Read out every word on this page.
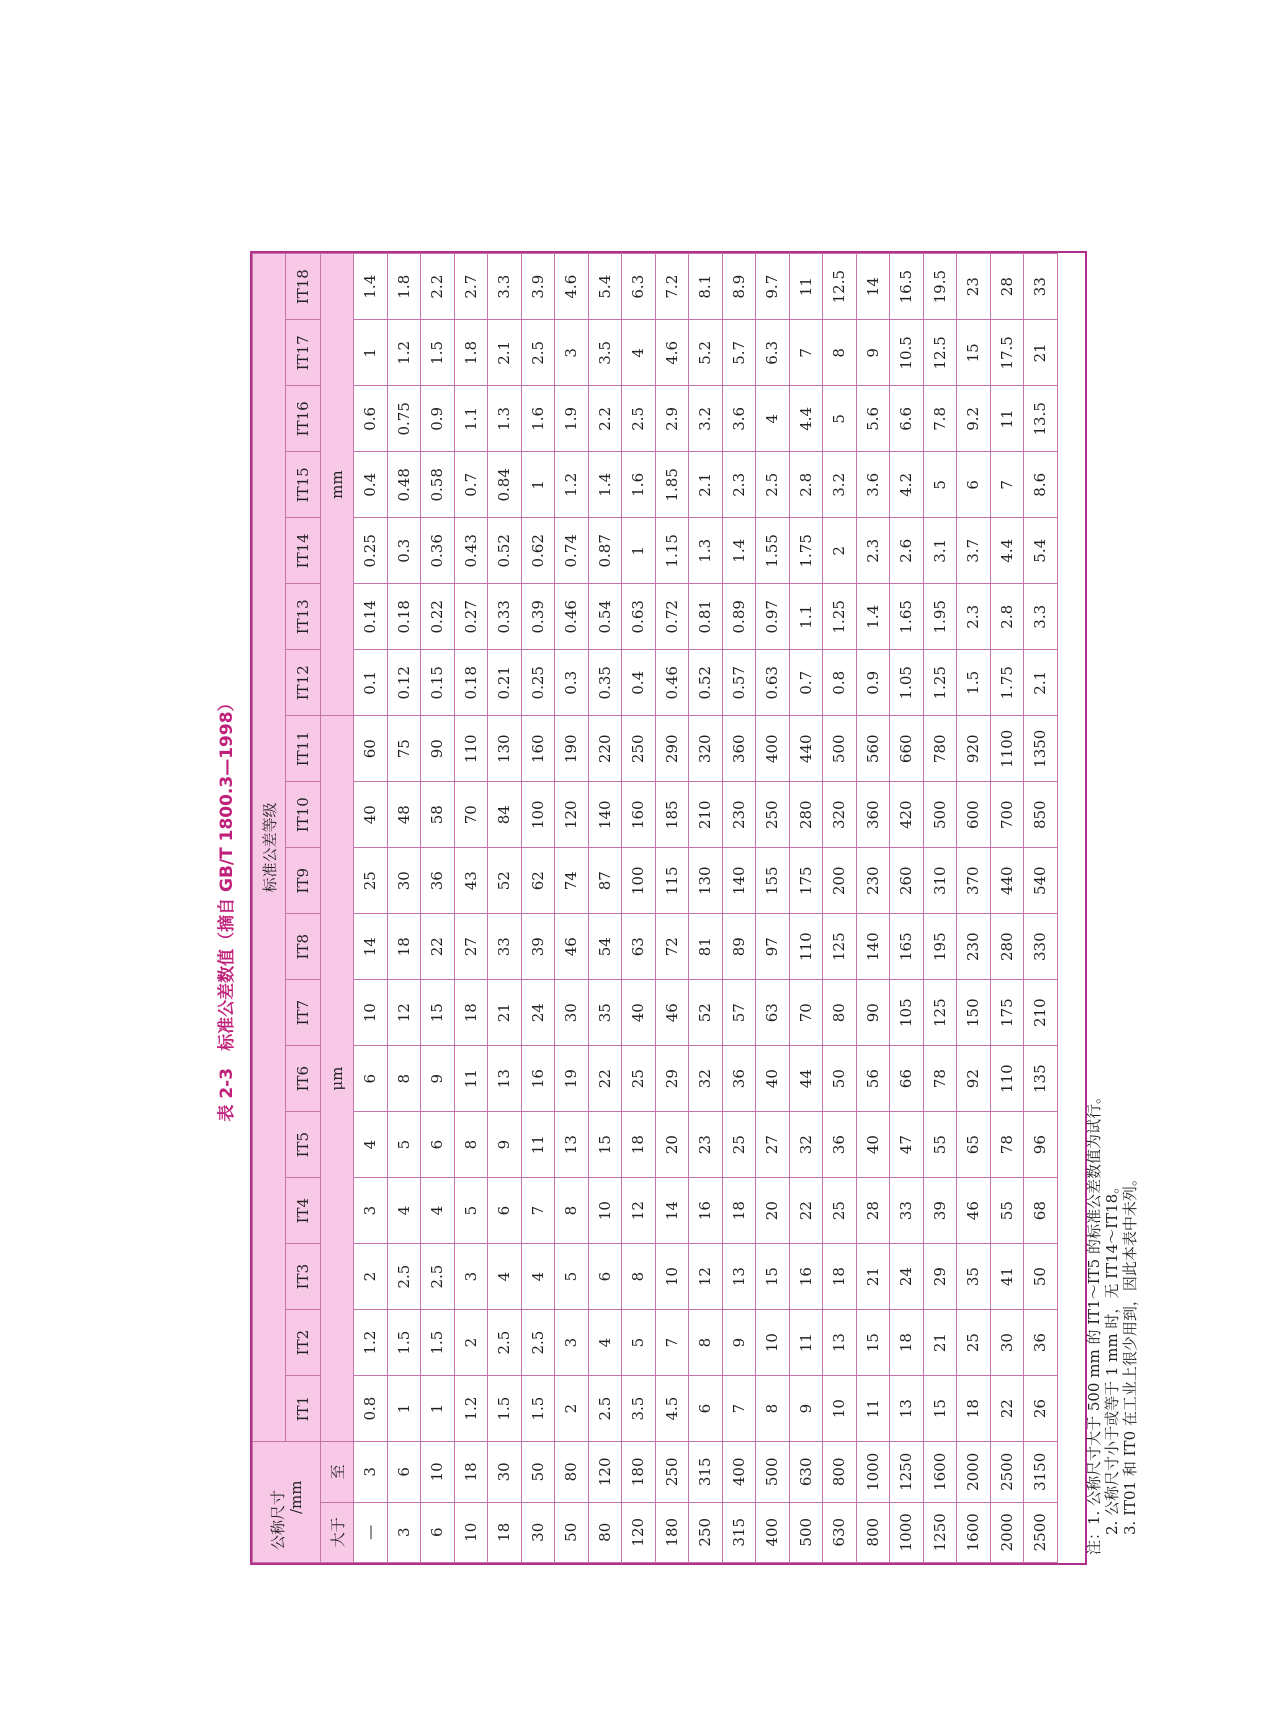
表 2-3　标准公差数值（摘自 GB/T 1800.3—1998）
公称尺寸 /mm		标准公差等级																	
		IT1	IT2	IT3	IT4	IT5	IT6	IT7	IT8	IT9	IT10	IT11	IT12	IT13	IT14	IT15	IT16	IT17	IT18
大于	至	μm											mm						
—	3	0.8	1.2	2	3	4	6	10	14	25	40	60	0.1	0.14	0.25	0.4	0.6	1	1.4
3	6	1	1.5	2.5	4	5	8	12	18	30	48	75	0.12	0.18	0.3	0.48	0.75	1.2	1.8
6	10	1	1.5	2.5	4	6	9	15	22	36	58	90	0.15	0.22	0.36	0.58	0.9	1.5	2.2
10	18	1.2	2	3	5	8	11	18	27	43	70	110	0.18	0.27	0.43	0.7	1.1	1.8	2.7
18	30	1.5	2.5	4	6	9	13	21	33	52	84	130	0.21	0.33	0.52	0.84	1.3	2.1	3.3
30	50	1.5	2.5	4	7	11	16	24	39	62	100	160	0.25	0.39	0.62	1	1.6	2.5	3.9
50	80	2	3	5	8	13	19	30	46	74	120	190	0.3	0.46	0.74	1.2	1.9	3	4.6
80	120	2.5	4	6	10	15	22	35	54	87	140	220	0.35	0.54	0.87	1.4	2.2	3.5	5.4
120	180	3.5	5	8	12	18	25	40	63	100	160	250	0.4	0.63	1	1.6	2.5	4	6.3
180	250	4.5	7	10	14	20	29	46	72	115	185	290	0.46	0.72	1.15	1.85	2.9	4.6	7.2
250	315	6	8	12	16	23	32	52	81	130	210	320	0.52	0.81	1.3	2.1	3.2	5.2	8.1
315	400	7	9	13	18	25	36	57	89	140	230	360	0.57	0.89	1.4	2.3	3.6	5.7	8.9
400	500	8	10	15	20	27	40	63	97	155	250	400	0.63	0.97	1.55	2.5	4	6.3	9.7
500	630	9	11	16	22	32	44	70	110	175	280	440	0.7	1.1	1.75	2.8	4.4	7	11
630	800	10	13	18	25	36	50	80	125	200	320	500	0.8	1.25	2	3.2	5	8	12.5
800	1000	11	15	21	28	40	56	90	140	230	360	560	0.9	1.4	2.3	3.6	5.6	9	14
1000	1250	13	18	24	33	47	66	105	165	260	420	660	1.05	1.65	2.6	4.2	6.6	10.5	16.5
1250	1600	15	21	29	39	55	78	125	195	310	500	780	1.25	1.95	3.1	5	7.8	12.5	19.5
1600	2000	18	25	35	46	65	92	150	230	370	600	920	1.5	2.3	3.7	6	9.2	15	23
2000	2500	22	30	41	55	78	110	175	280	440	700	1100	1.75	2.8	4.4	7	11	17.5	28
2500	3150	26	36	50	68	96	135	210	330	540	850	1350	2.1	3.3	5.4	8.6	13.5	21	33
注：1. 公称尺寸大于 500 mm 的 IT1～IT5 的标准公差数值为试行。 2. 公称尺寸小于或等于 1 mm 时，无 IT14～IT18。 3. IT01 和 IT0 在工业上很少用到，因此本表中未列。
